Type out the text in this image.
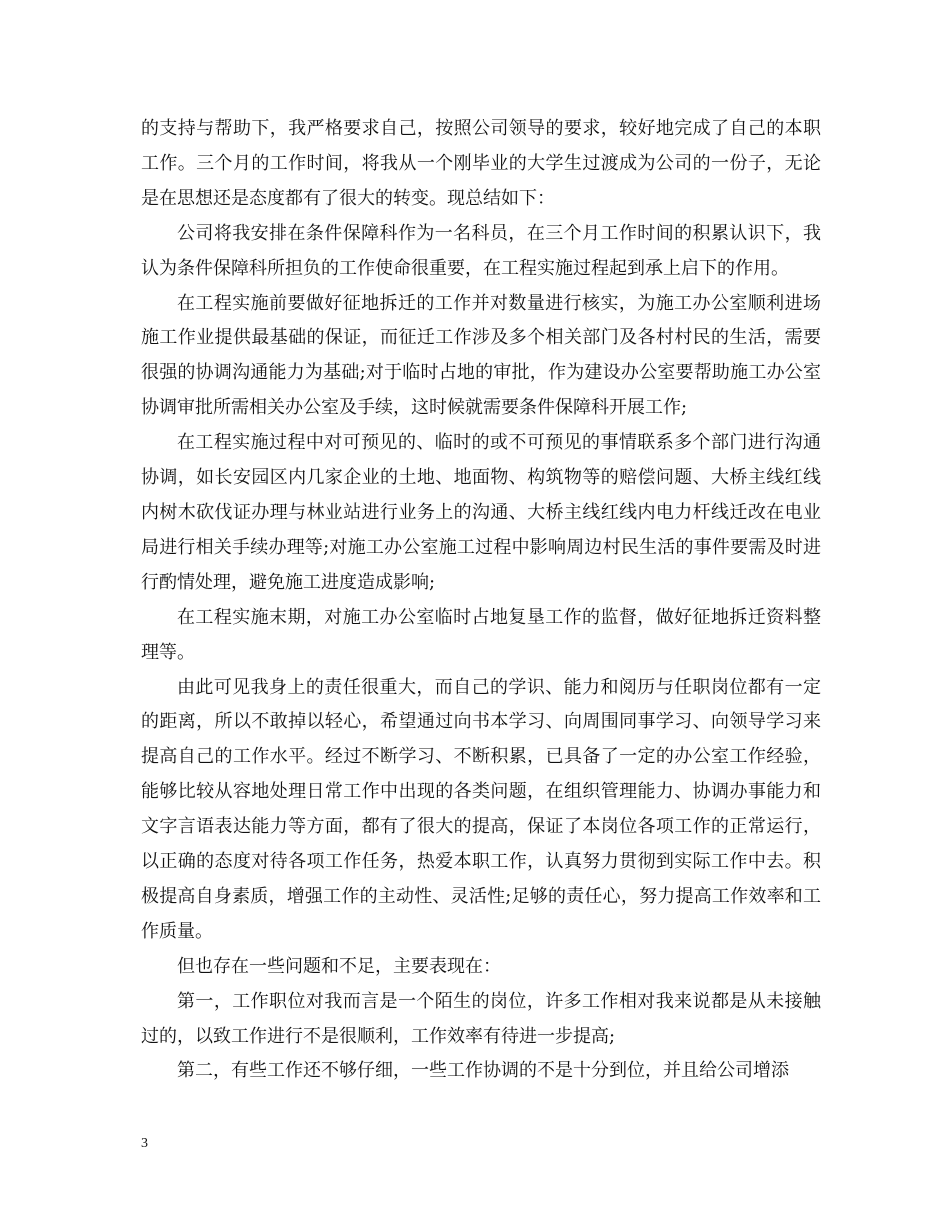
的支持与帮助下，我严格要求自己，按照公司领导的要求，较好地完成了自己的本职工作。三个月的工作时间，将我从一个刚毕业的大学生过渡成为公司的一份子，无论是在思想还是态度都有了很大的转变。现总结如下：

公司将我安排在条件保障科作为一名科员，在三个月工作时间的积累认识下，我认为条件保障科所担负的工作使命很重要，在工程实施过程起到承上启下的作用。

在工程实施前要做好征地拆迁的工作并对数量进行核实，为施工办公室顺利进场施工作业提供最基础的保证，而征迁工作涉及多个相关部门及各村村民的生活，需要很强的协调沟通能力为基础;对于临时占地的审批，作为建设办公室要帮助施工办公室协调审批所需相关办公室及手续，这时候就需要条件保障科开展工作;

在工程实施过程中对可预见的、临时的或不可预见的事情联系多个部门进行沟通协调，如长安园区内几家企业的土地、地面物、构筑物等的赔偿问题、大桥主线红线内树木砍伐证办理与林业站进行业务上的沟通、大桥主线红线内电力杆线迁改在电业局进行相关手续办理等;对施工办公室施工过程中影响周边村民生活的事件要需及时进行酌情处理，避免施工进度造成影响;

在工程实施末期，对施工办公室临时占地复垦工作的监督，做好征地拆迁资料整理等。

由此可见我身上的责任很重大，而自己的学识、能力和阅历与任职岗位都有一定的距离，所以不敢掉以轻心，希望通过向书本学习、向周围同事学习、向领导学习来提高自己的工作水平。经过不断学习、不断积累，已具备了一定的办公室工作经验，能够比较从容地处理日常工作中出现的各类问题，在组织管理能力、协调办事能力和文字言语表达能力等方面，都有了很大的提高，保证了本岗位各项工作的正常运行，以正确的态度对待各项工作任务，热爱本职工作，认真努力贯彻到实际工作中去。积极提高自身素质，增强工作的主动性、灵活性;足够的责任心，努力提高工作效率和工作质量。

但也存在一些问题和不足，主要表现在：

第一，工作职位对我而言是一个陌生的岗位，许多工作相对我来说都是从未接触过的，以致工作进行不是很顺利，工作效率有待进一步提高;

第二，有些工作还不够仔细，一些工作协调的不是十分到位，并且给公司增添

3
